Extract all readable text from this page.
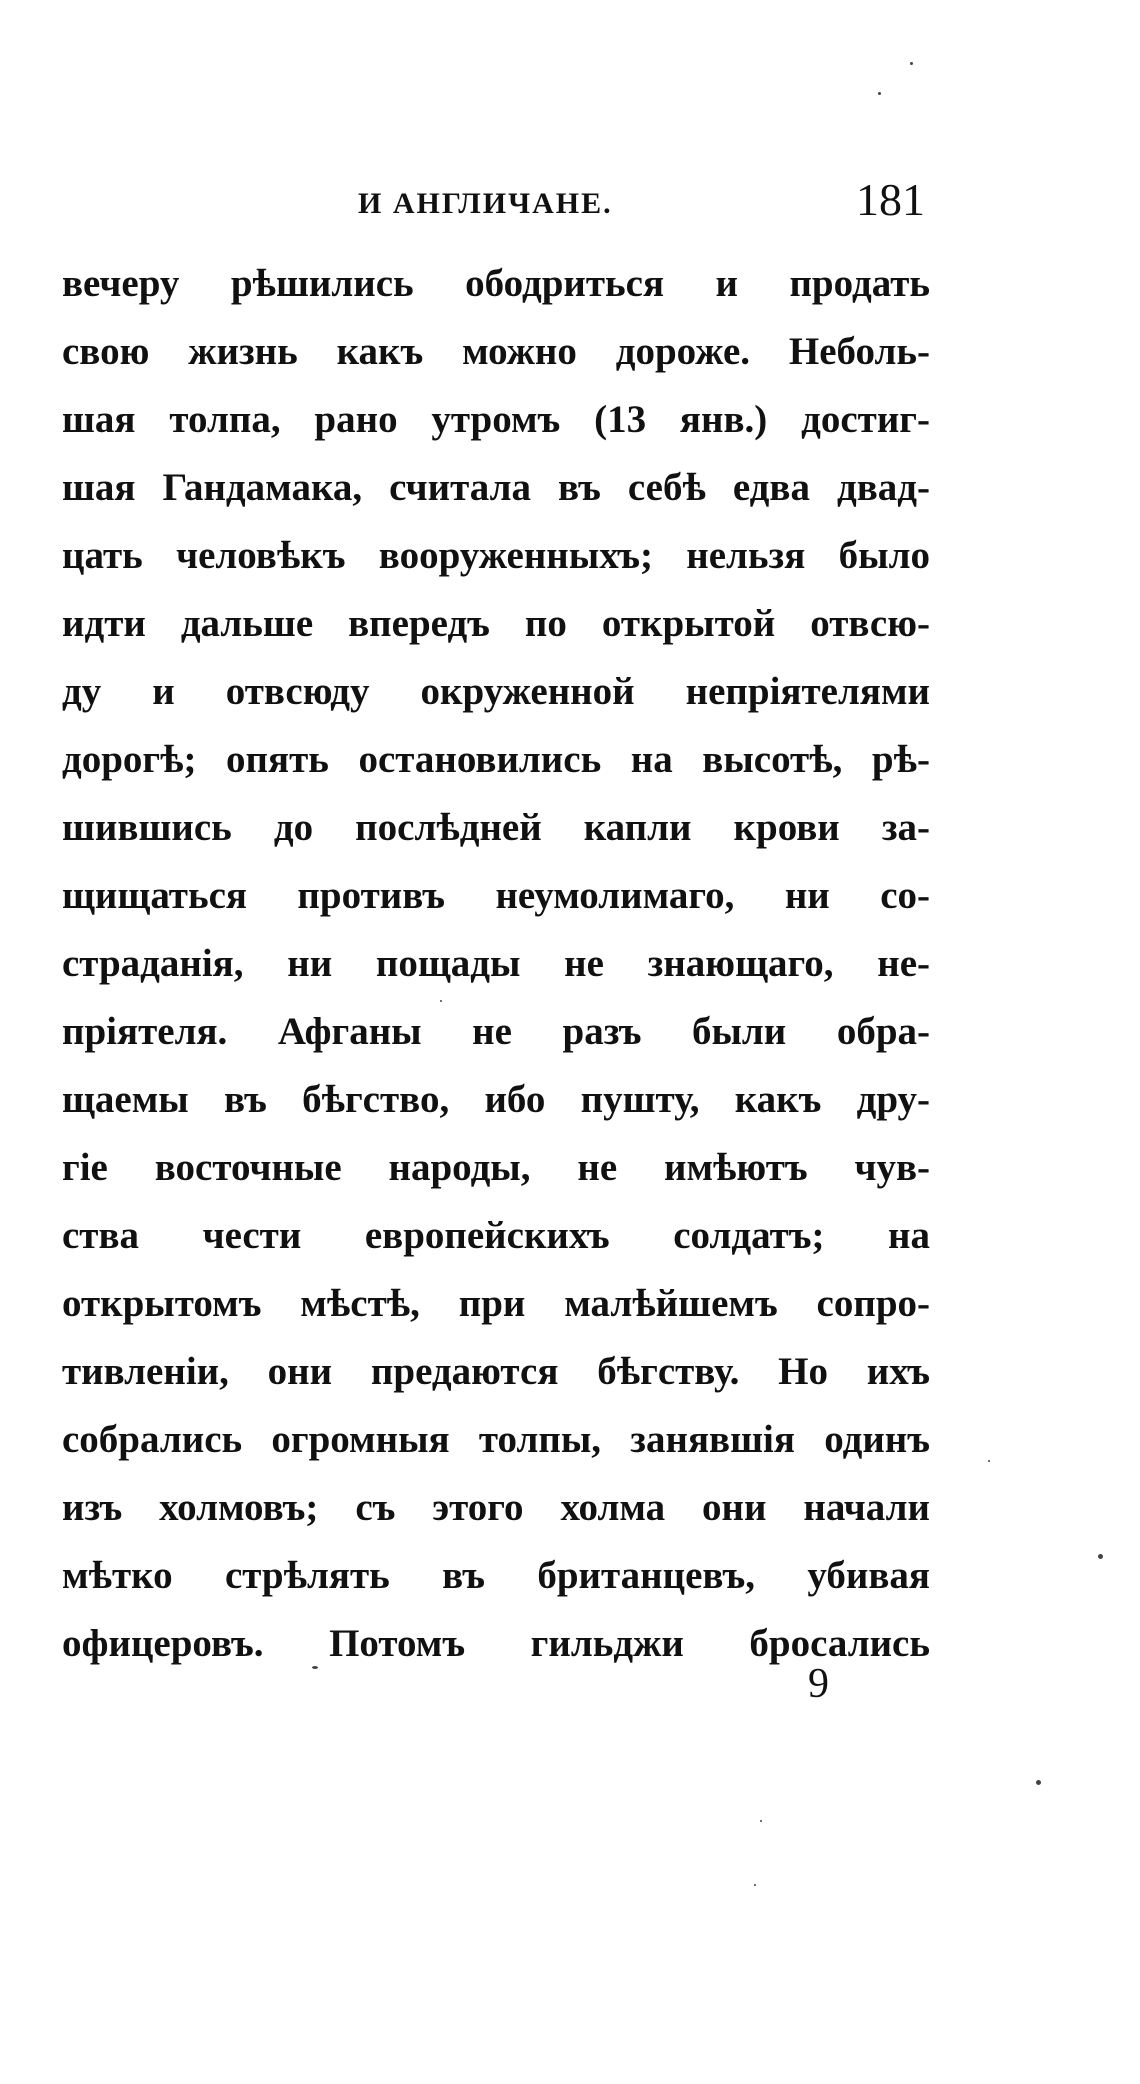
И АНГЛИЧАНЕ.	181
вечеру рѣшились ободриться и продать
свою жизнь какъ можно дороже. Неболь-
шая толпа, рано утромъ (13 янв.) достиг-
шая Гандамака, считала въ себѣ едва двад-
цать человѣкъ вооруженныхъ; нельзя было
идти дальше впередъ по открытой отвсю-
ду и отвсюду окруженной непріятелями
дорогѣ; опять остановились на высотѣ, рѣ-
шившись до послѣдней капли крови за-
щищаться противъ неумолимаго, ни со-
страданія, ни пощады не знающаго, не-
пріятеля. Афганы не разъ были обра-
щаемы въ бѣгство, ибо пушту, какъ дру-
гіе восточные народы, не имѣютъ чув-
ства чести европейскихъ солдатъ; на
открытомъ мѣстѣ, при малѣйшемъ сопро-
тивленіи, они предаются бѣгству. Но ихъ
собрались огромныя толпы, занявшія одинъ
изъ холмовъ; съ этого холма они начали
мѣтко стрѣлять въ британцевъ, убивая
офицеровъ. Потомъ гильджи бросались
9
